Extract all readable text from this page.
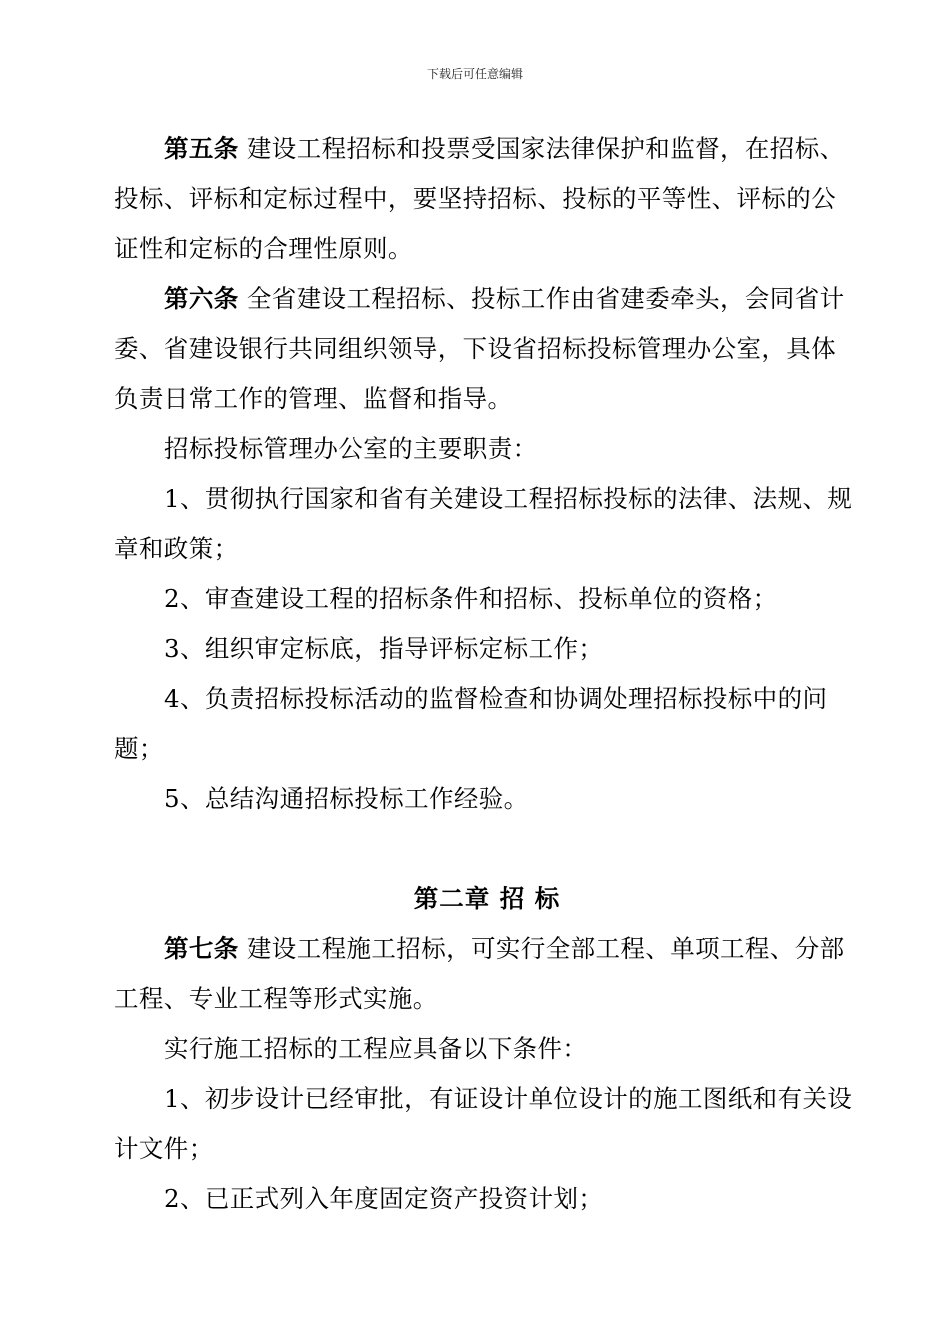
下载后可任意编辑

第五条 建设工程招标和投票受国家法律保护和监督，在招标、投标、评标和定标过程中，要坚持招标、投标的平等性、评标的公证性和定标的合理性原则。

第六条 全省建设工程招标、投标工作由省建委牵头，会同省计委、省建设银行共同组织领导，下设省招标投标管理办公室，具体负责日常工作的管理、监督和指导。

招标投标管理办公室的主要职责：

1、贯彻执行国家和省有关建设工程招标投标的法律、法规、规章和政策；

2、审查建设工程的招标条件和招标、投标单位的资格；

3、组织审定标底，指导评标定标工作；

4、负责招标投标活动的监督检查和协调处理招标投标中的问题；

5、总结沟通招标投标工作经验。

第二章 招 标

第七条 建设工程施工招标，可实行全部工程、单项工程、分部工程、专业工程等形式实施。

实行施工招标的工程应具备以下条件：

1、初步设计已经审批，有证设计单位设计的施工图纸和有关设计文件；

2、已正式列入年度固定资产投资计划；
